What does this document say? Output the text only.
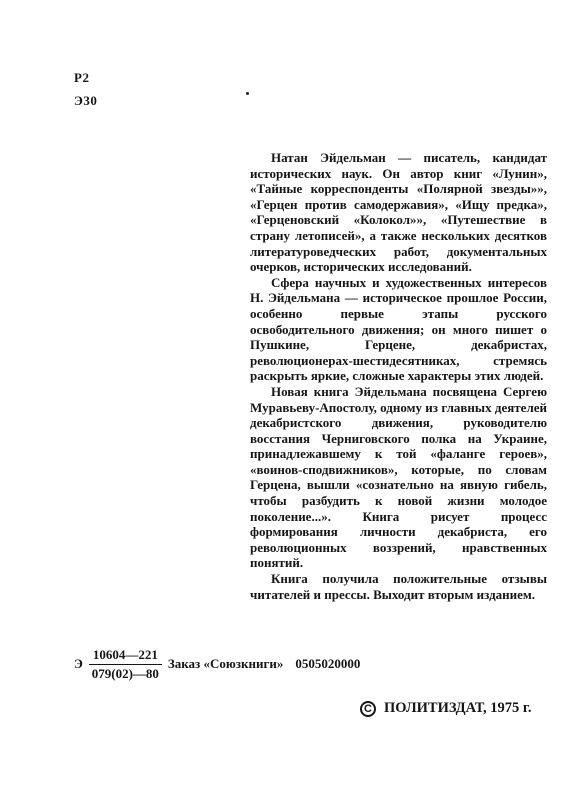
Р2
Э30

Натан Эйдельман — писатель, кандидат исторических наук. Он автор книг «Лунин», «Тайные корреспонденты «Полярной звезды»», «Герцен против самодержавия», «Ищу предка», «Герценовский «Колокол»», «Путешествие в страну летописей», а также нескольких десятков литературоведческих работ, документальных очерков, исторических исследований.

Сфера научных и художественных интересов Н. Эйдельмана — историческое прошлое России, особенно первые этапы русского освободительного движения; он много пишет о Пушкине, Герцене, декабристах, революционерах-шестидесятниках, стремясь раскрыть яркие, сложные характеры этих людей.

Новая книга Эйдельмана посвящена Сергею Муравьеву-Апостолу, одному из главных деятелей декабристского движения, руководителю восстания Черниговского полка на Украине, принадлежавшему к той «фаланге героев», «воинов-сподвижников», которые, по словам Герцена, вышли «сознательно на явную гибель, чтобы разбудить к новой жизни молодое поколение...». Книга рисует процесс формирования личности декабриста, его революционных воззрений, нравственных понятий.

Книга получила положительные отзывы читателей и прессы. Выходит вторым изданием.

Э $\frac{10604—221}{079(02)—80}$ Заказ «Союзкниги» 0505020000
C ПОЛИТИЗДАТ, 1975 г.
